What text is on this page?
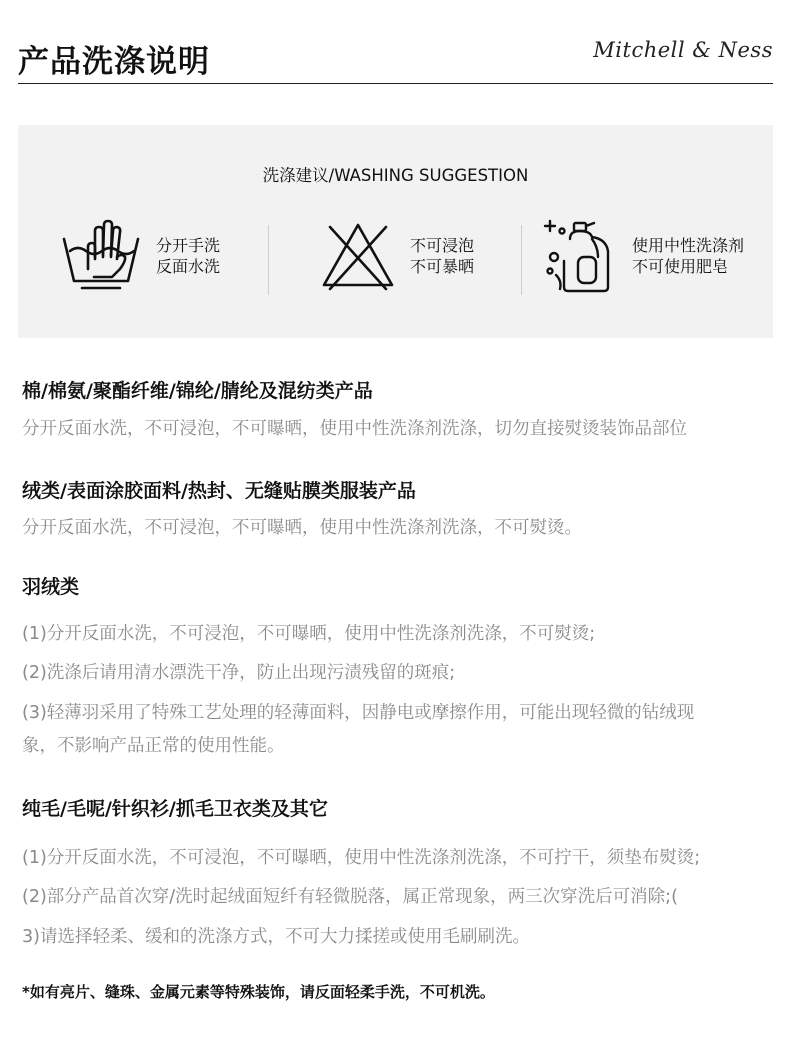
产品洗涤说明	Mitchell & Ness
洗涤建议/WASHING SUGGESTION
分开手洗
反面水洗
不可浸泡
不可暴晒
使用中性洗涤剂
不可使用肥皂
棉/棉氨/聚酯纤维/锦纶/腈纶及混纺类产品
分开反面水洗，不可浸泡，不可曝晒，使用中性洗涤剂洗涤，切勿直接熨烫装饰品部位
绒类/表面涂胶面料/热封、无缝贴膜类服装产品
分开反面水洗，不可浸泡，不可曝晒，使用中性洗涤剂洗涤，不可熨烫。
羽绒类
(1)分开反面水洗，不可浸泡，不可曝晒，使用中性洗涤剂洗涤，不可熨烫;
(2)洗涤后请用清水漂洗干净，防止出现污渍残留的斑痕;
(3)轻薄羽采用了特殊工艺处理的轻薄面料，因静电或摩擦作用，可能出现轻微的钻绒现
象，不影响产品正常的使用性能。
纯毛/毛呢/针织衫/抓毛卫衣类及其它
(1)分开反面水洗，不可浸泡，不可曝晒，使用中性洗涤剂洗涤，不可拧干，须垫布熨烫;
(2)部分产品首次穿/洗时起绒面短纤有轻微脱落，属正常现象，两三次穿洗后可消除;(
3)请选择轻柔、缓和的洗涤方式，不可大力揉搓或使用毛刷刷洗。
*如有亮片、缝珠、金属元素等特殊装饰，请反面轻柔手洗，不可机洗。
